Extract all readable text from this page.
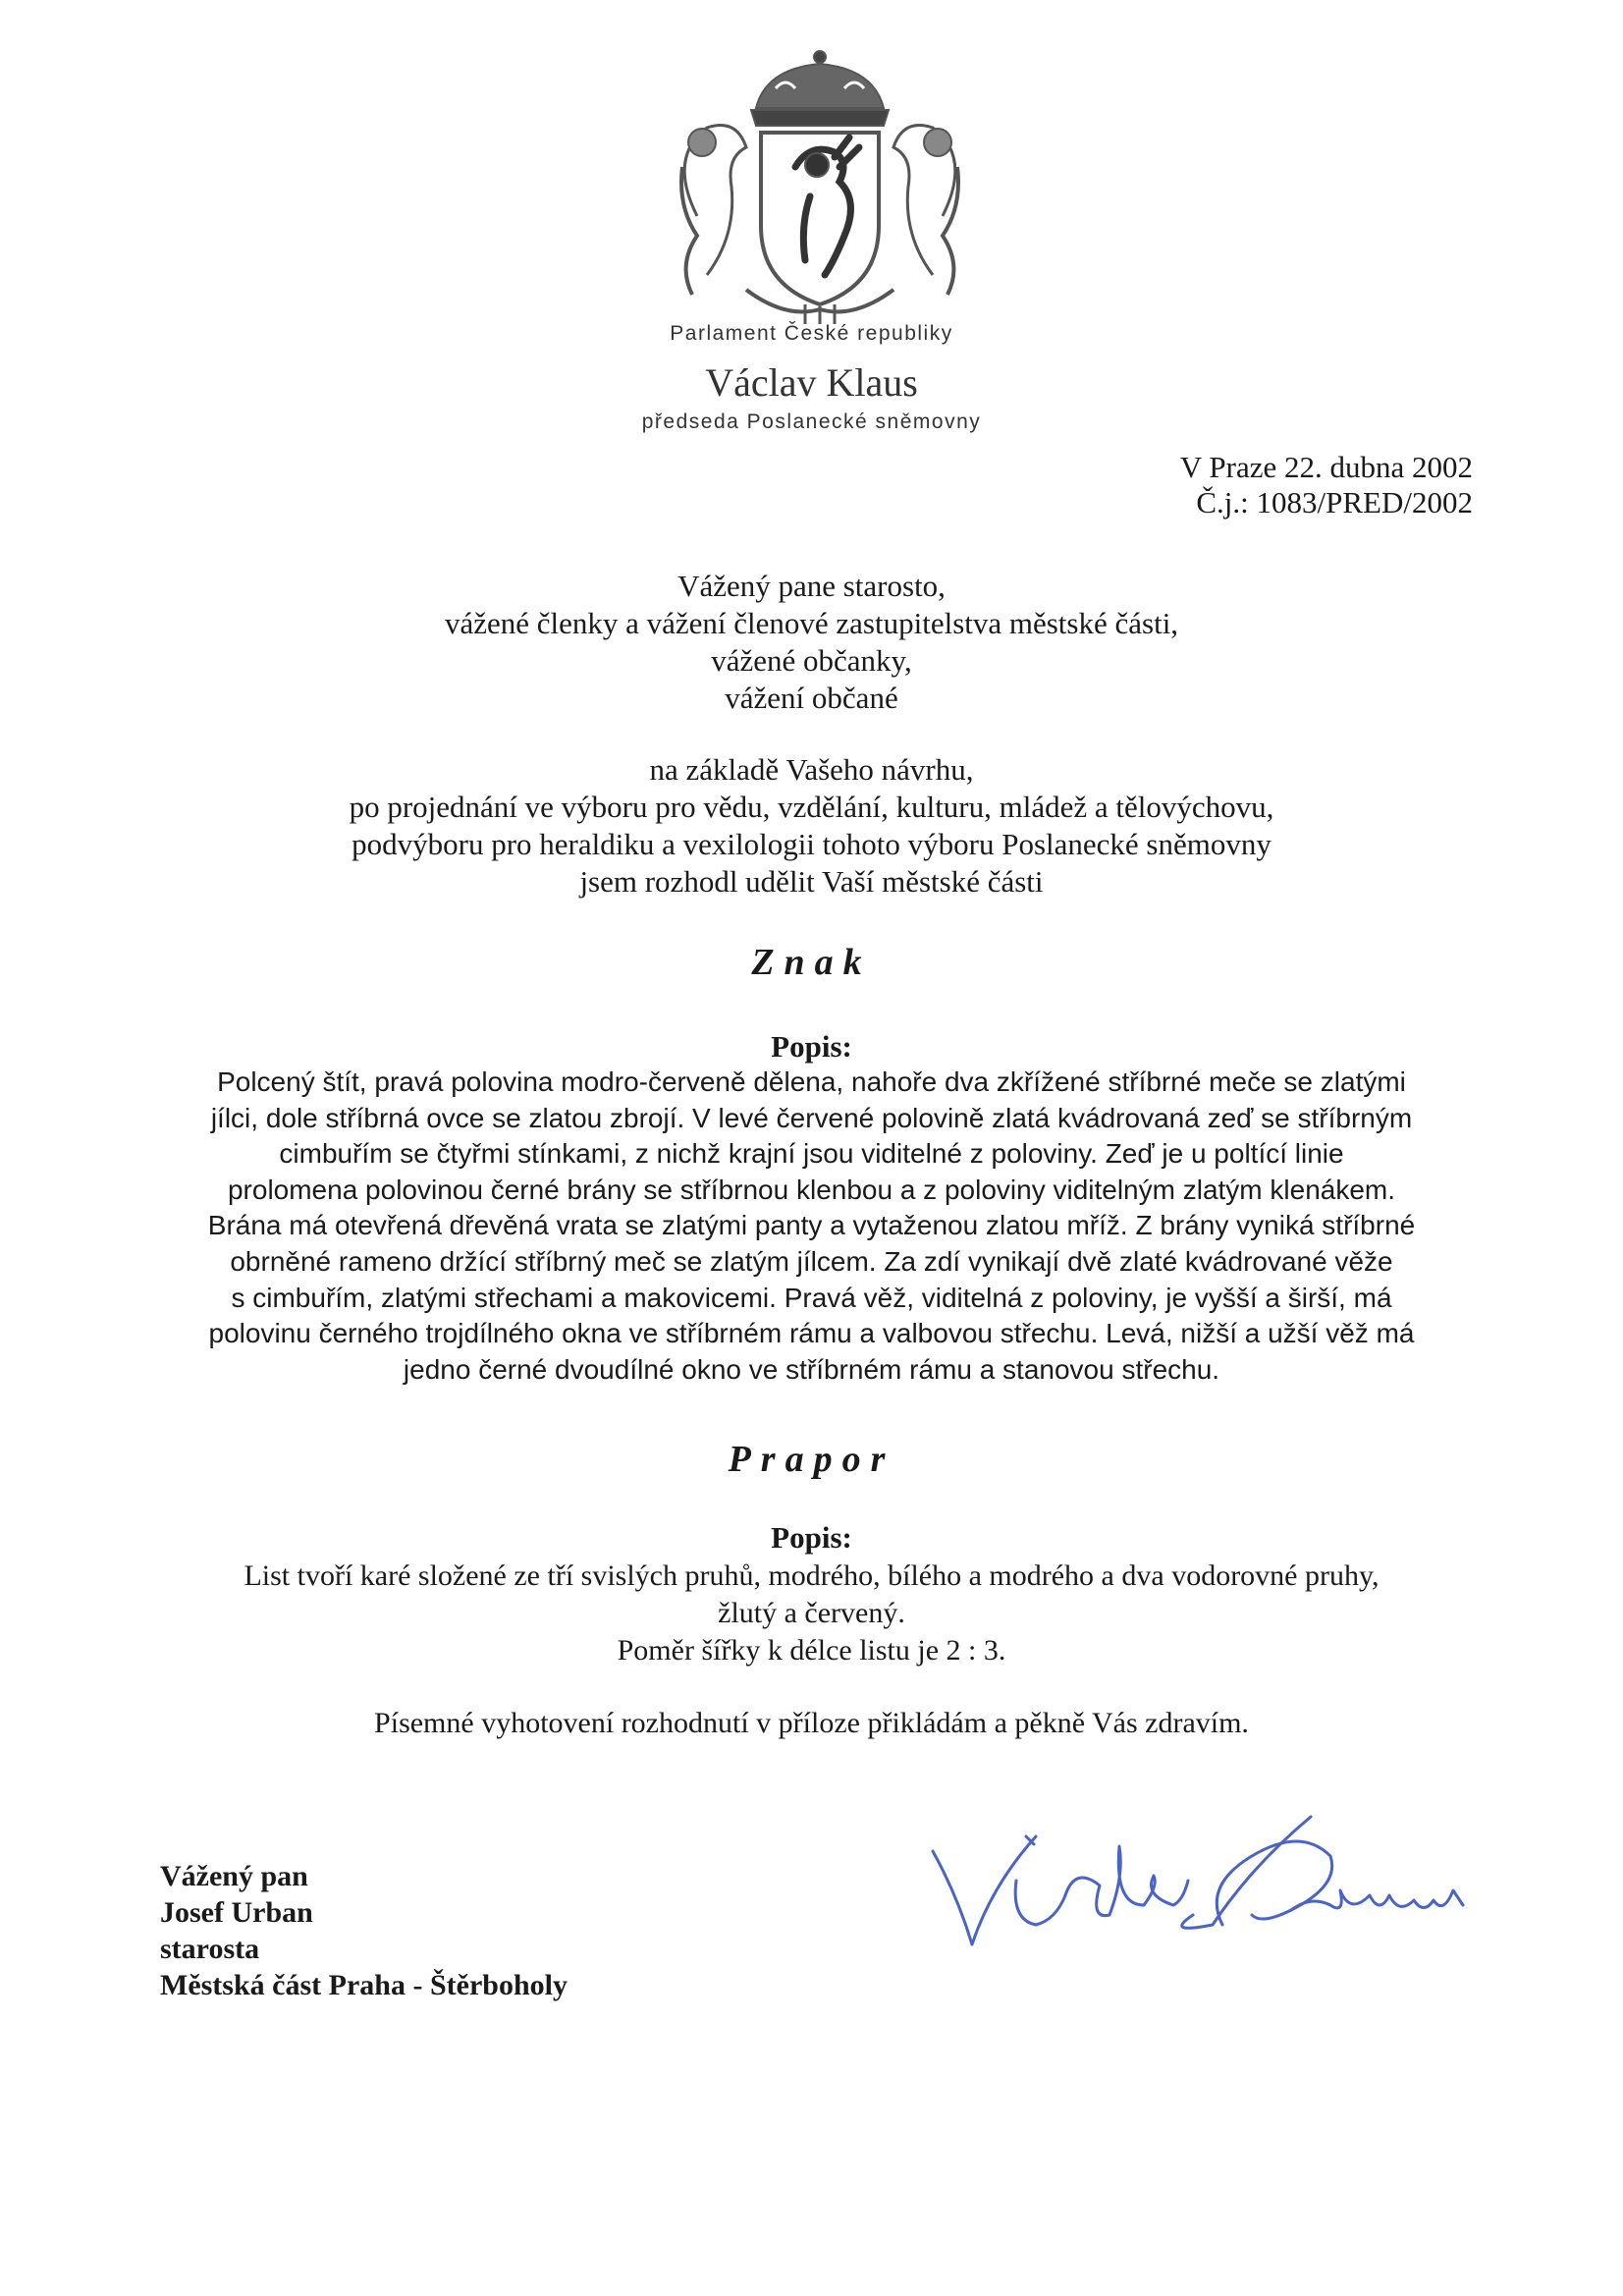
Parlament České republiky
Václav Klaus
předseda Poslanecké sněmovny
V Praze 22. dubna 2002
Č.j.: 1083/PRED/2002
Vážený pane starosto,
vážené členky a vážení členové zastupitelstva městské části,
vážené občanky,
vážení občané
na základě Vašeho návrhu,
po projednání ve výboru pro vědu, vzdělání, kulturu, mládež a tělovýchovu,
podvýboru pro heraldiku a vexilologii tohoto výboru Poslanecké sněmovny
jsem rozhodl udělit Vaší městské části
Znak
Popis:
Polcený štít, pravá polovina modro-červeně dělena, nahoře dva zkřížené stříbrné meče se zlatými
jílci, dole stříbrná ovce se zlatou zbrojí. V levé červené polovině zlatá kvádrovaná zeď se stříbrným
cimbuřím se čtyřmi stínkami, z nichž krajní jsou viditelné z poloviny. Zeď je u poltící linie
prolomena polovinou černé brány se stříbrnou klenbou a z poloviny viditelným zlatým klenákem.
Brána má otevřená dřevěná vrata se zlatými panty a vytaženou zlatou mříž. Z brány vyniká stříbrné
obrněné rameno držící stříbrný meč se zlatým jílcem. Za zdí vynikají dvě zlaté kvádrované věže
s cimbuřím, zlatými střechami a makovicemi. Pravá věž, viditelná z poloviny, je vyšší a širší, má
polovinu černého trojdílného okna ve stříbrném rámu a valbovou střechu. Levá, nižší a užší věž má
jedno černé dvoudílné okno ve stříbrném rámu a stanovou střechu.
Prapor
Popis:
List tvoří karé složené ze tří svislých pruhů, modrého, bílého a modrého a dva vodorovné pruhy,
žlutý a červený.
Poměr šířky k délce listu je 2 : 3.
Písemné vyhotovení rozhodnutí v příloze přikládám a pěkně Vás zdravím.
Vážený pan
Josef Urban
starosta
Městská část Praha - Štěrboholy
